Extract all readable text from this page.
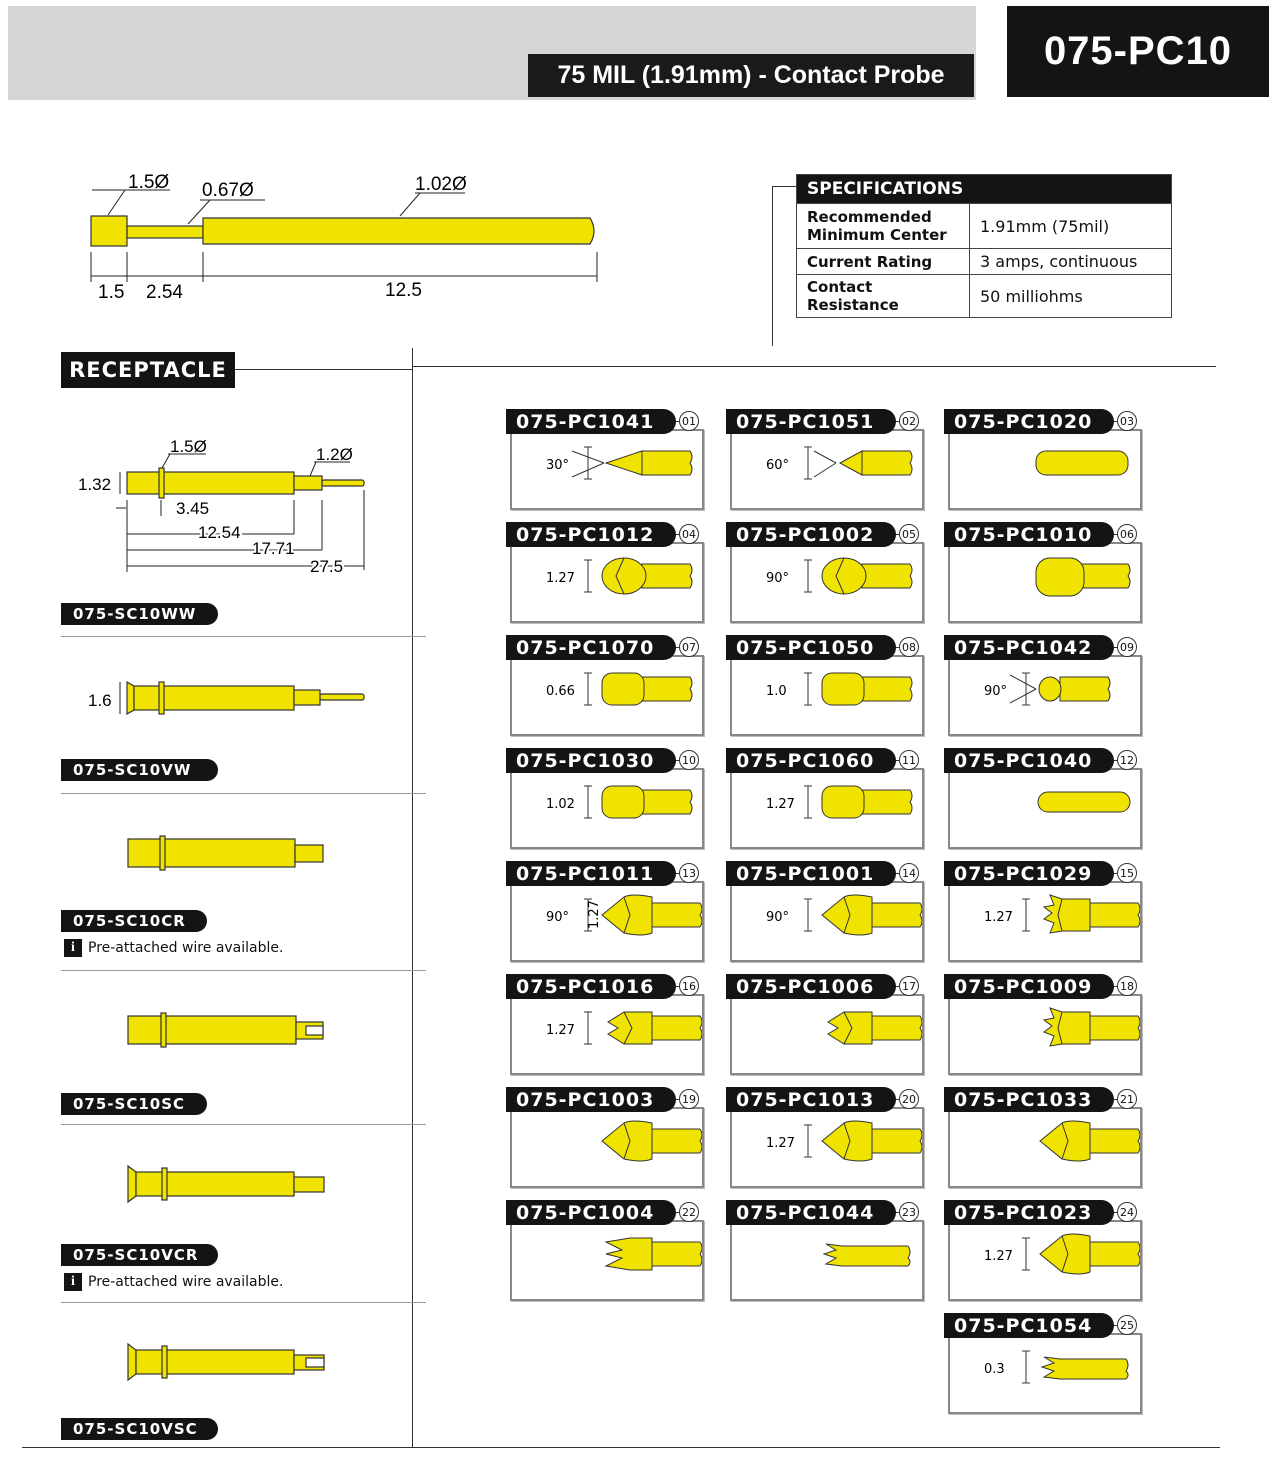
75 MIL (1.91mm) - Contact Probe
075-PC10
1.5Ø 0.67Ø	1.02Ø
1.5 2.54	12.5
SPECIFICATIONS	
Recommended
Minimum Center	1.91mm (75mil)
Current Rating	3 amps, continuous
Contact Resistance	50 milliohms
RECEPTACLE
1.5Ø	1.2Ø
1.32
3.45
12.54
17.71
27.5
075-SC10WW
1.6
075-SC10VW
075-SC10CR
i Pre-attached wire available.
075-SC10SC
075-SC10VCR
i Pre-attached wire available.
075-SC10VSC
30°
075-PC1041	01
60°
075-PC1051	02	075-PC1020	03
1.27
075-PC1012	04
90°
075-PC1002	05	075-PC1010	06
0.66
075-PC1070	07
1.0
075-PC1050	08
90°
075-PC1042	09
1.02
075-PC1030	10
1.27
075-PC1060	11	075-PC1040	12
90° 1.27
075-PC1011	13
90°
075-PC1001	14
1.27
075-PC1029	15
1.27
075-PC1016	16	075-PC1006	17	075-PC1009	18
075-PC1003	19
1.27
075-PC1013	20	075-PC1033	21
075-PC1004	22	075-PC1044	23
1.27
075-PC1023	24
0.3
075-PC1054	25
